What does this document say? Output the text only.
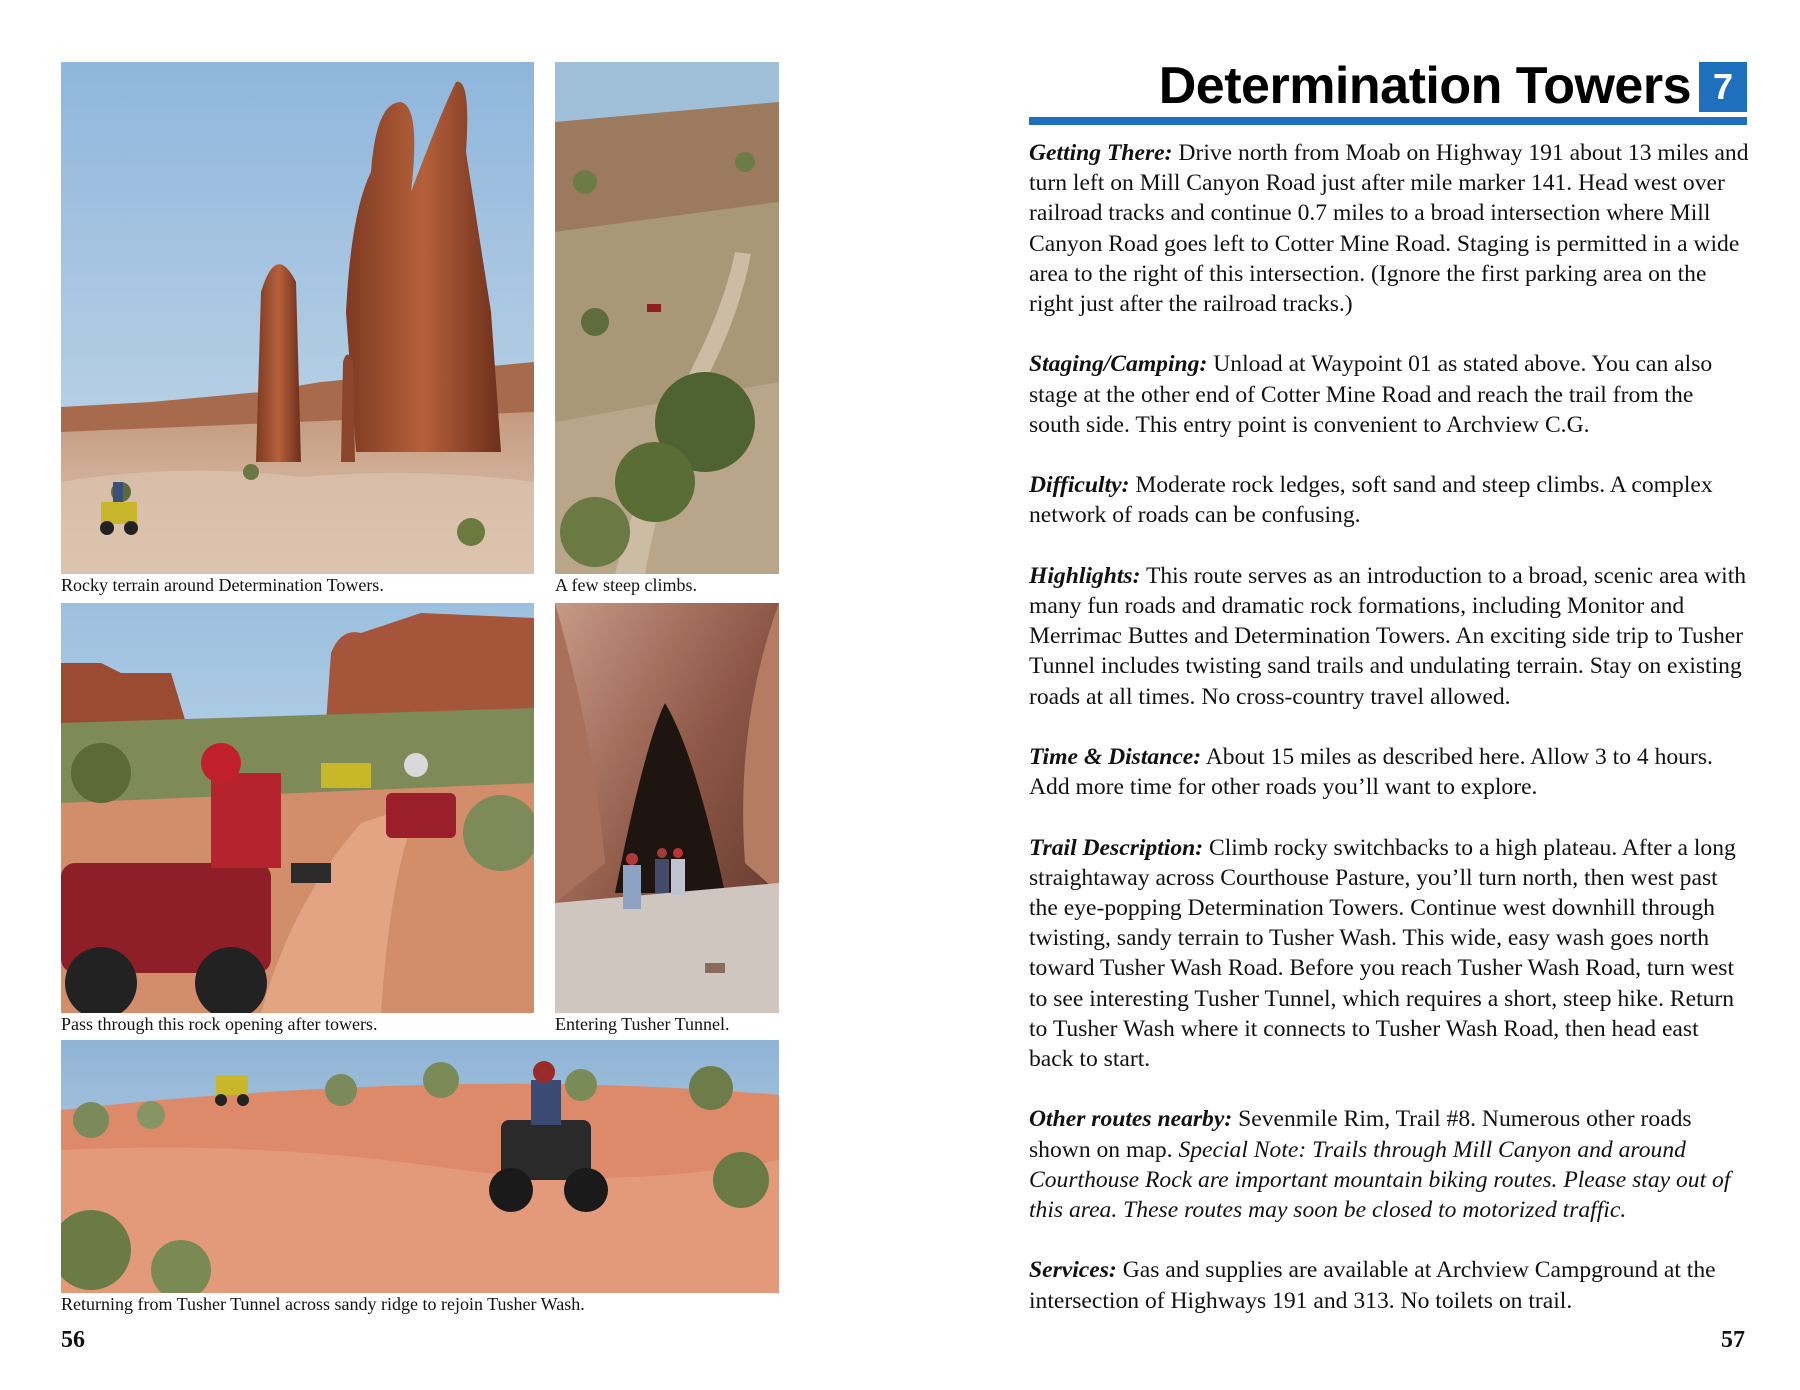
Rocky terrain around Determination Towers.	A few steep climbs.
Pass through this rock opening after towers.	Entering Tusher Tunnel.
Returning from Tusher Tunnel across sandy ridge to rejoin Tusher Wash.
56
Determination Towers 7

Getting There: Drive north from Moab on Highway 191 about 13 miles and turn left on Mill Canyon Road just after mile marker 141. Head west over railroad tracks and continue 0.7 miles to a broad intersection where Mill Canyon Road goes left to Cotter Mine Road. Staging is permitted in a wide area to the right of this intersection. (Ignore the first parking area on the right just after the railroad tracks.)

Staging/Camping: Unload at Waypoint 01 as stated above. You can also stage at the other end of Cotter Mine Road and reach the trail from the south side. This entry point is convenient to Archview C.G.

Difficulty: Moderate rock ledges, soft sand and steep climbs. A complex network of roads can be confusing.

Highlights: This route serves as an introduction to a broad, scenic area with many fun roads and dramatic rock formations, including Monitor and Merrimac Buttes and Determination Towers. An exciting side trip to Tusher Tunnel includes twisting sand trails and undulating terrain. Stay on existing roads at all times. No cross-country travel allowed.

Time & Distance: About 15 miles as described here. Allow 3 to 4 hours. Add more time for other roads you’ll want to explore.

Trail Description: Climb rocky switchbacks to a high plateau. After a long straightaway across Courthouse Pasture, you’ll turn north, then west past the eye-popping Determination Towers. Continue west downhill through twisting, sandy terrain to Tusher Wash. This wide, easy wash goes north toward Tusher Wash Road. Before you reach Tusher Wash Road, turn west to see interesting Tusher Tunnel, which requires a short, steep hike. Return to Tusher Wash where it connects to Tusher Wash Road, then head east back to start.

Other routes nearby: Sevenmile Rim, Trail #8. Numerous other roads shown on map. Special Note: Trails through Mill Canyon and around Courthouse Rock are important mountain biking routes. Please stay out of this area. These routes may soon be closed to motorized traffic.

Services: Gas and supplies are available at Archview Campground at the intersection of Highways 191 and 313. No toilets on trail.

57
